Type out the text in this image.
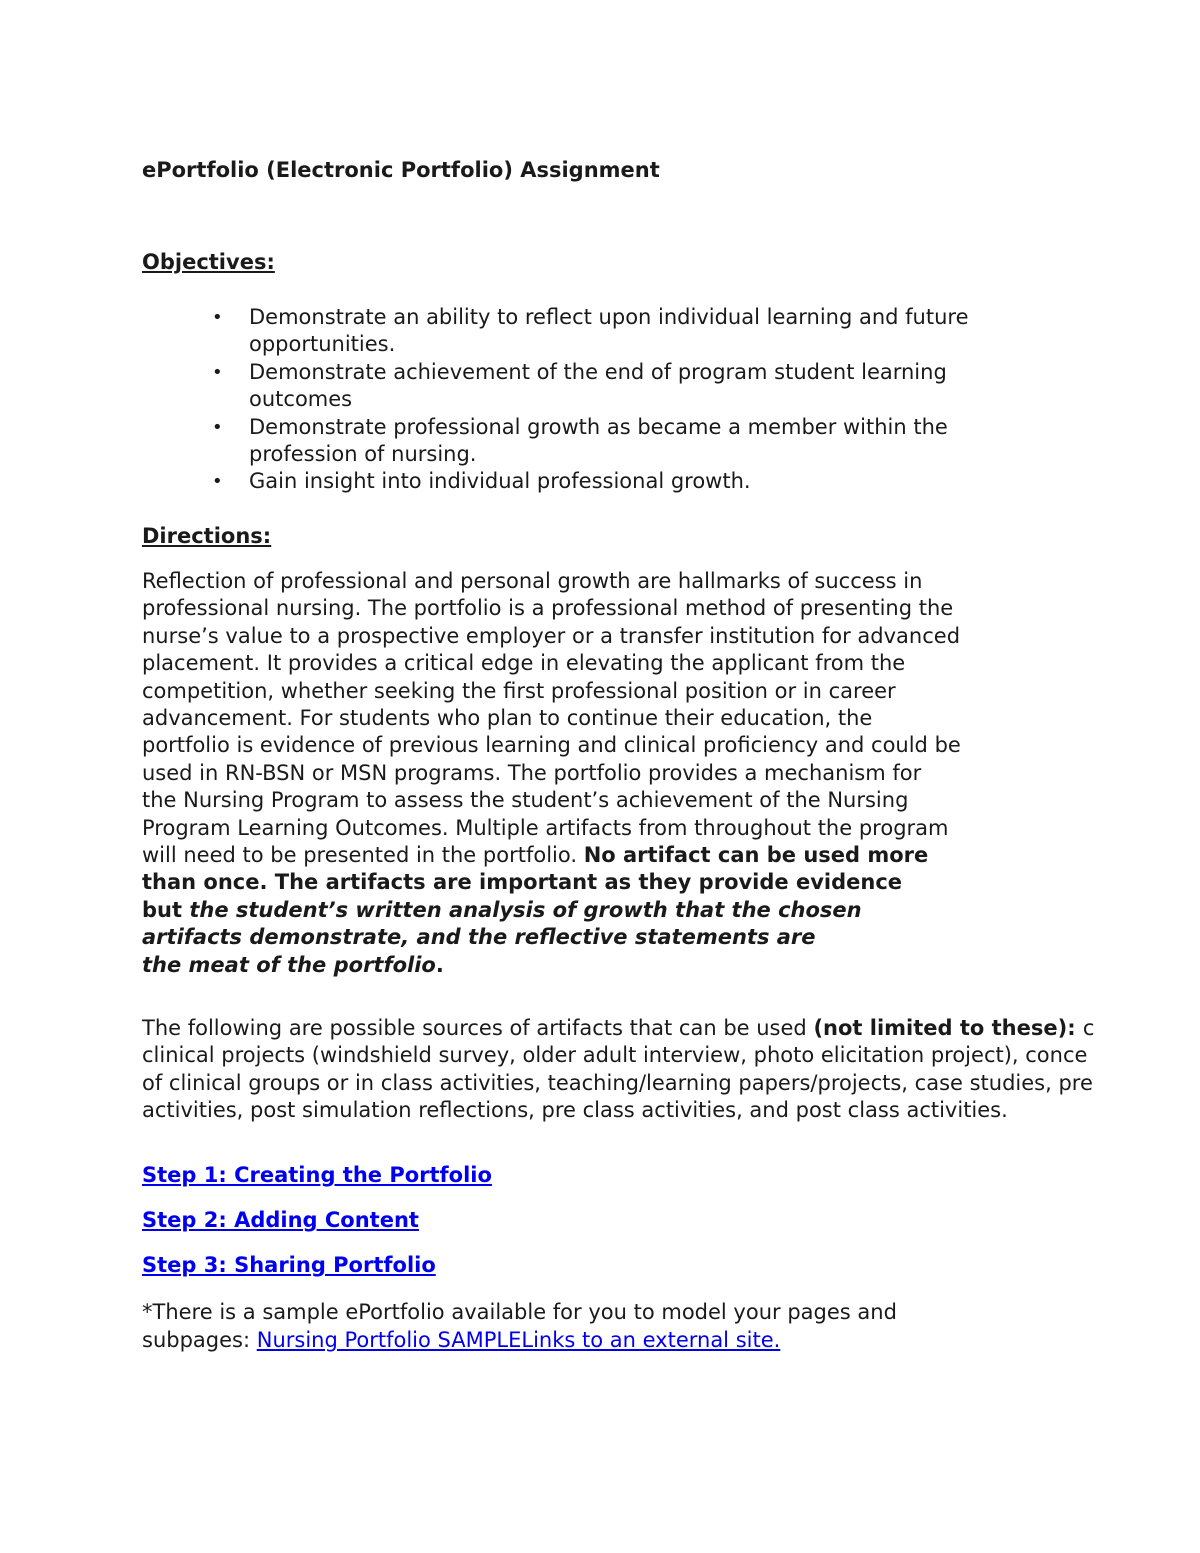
ePortfolio (Electronic Portfolio) Assignment
Objectives:
• Demonstrate an ability to reflect upon individual learning and future
opportunities.
• Demonstrate achievement of the end of program student learning
outcomes
• Demonstrate professional growth as became a member within the
profession of nursing.
• Gain insight into individual professional growth.
Directions:
Reflection of professional and personal growth are hallmarks of success in
professional nursing. The portfolio is a professional method of presenting the
nurse’s value to a prospective employer or a transfer institution for advanced
placement. It provides a critical edge in elevating the applicant from the
competition, whether seeking the first professional position or in career
advancement. For students who plan to continue their education, the
portfolio is evidence of previous learning and clinical proficiency and could be
used in RN-BSN or MSN programs. The portfolio provides a mechanism for
the Nursing Program to assess the student’s achievement of the Nursing
Program Learning Outcomes. Multiple artifacts from throughout the program
will need to be presented in the portfolio. No artifact can be used more
than once. The artifacts are important as they provide evidence
but the student’s written analysis of growth that the chosen
artifacts demonstrate, and the reflective statements are
the meat of the portfolio.
The following are possible sources of artifacts that can be used (not limited to these): c
clinical projects (windshield survey, older adult interview, photo elicitation project), conce
of clinical groups or in class activities, teaching/learning papers/projects, case studies, pre
activities, post simulation reflections, pre class activities, and post class activities.
Step 1: Creating the Portfolio
Step 2: Adding Content
Step 3: Sharing Portfolio
*There is a sample ePortfolio available for you to model your pages and
subpages: Nursing Portfolio SAMPLELinks to an external site.
